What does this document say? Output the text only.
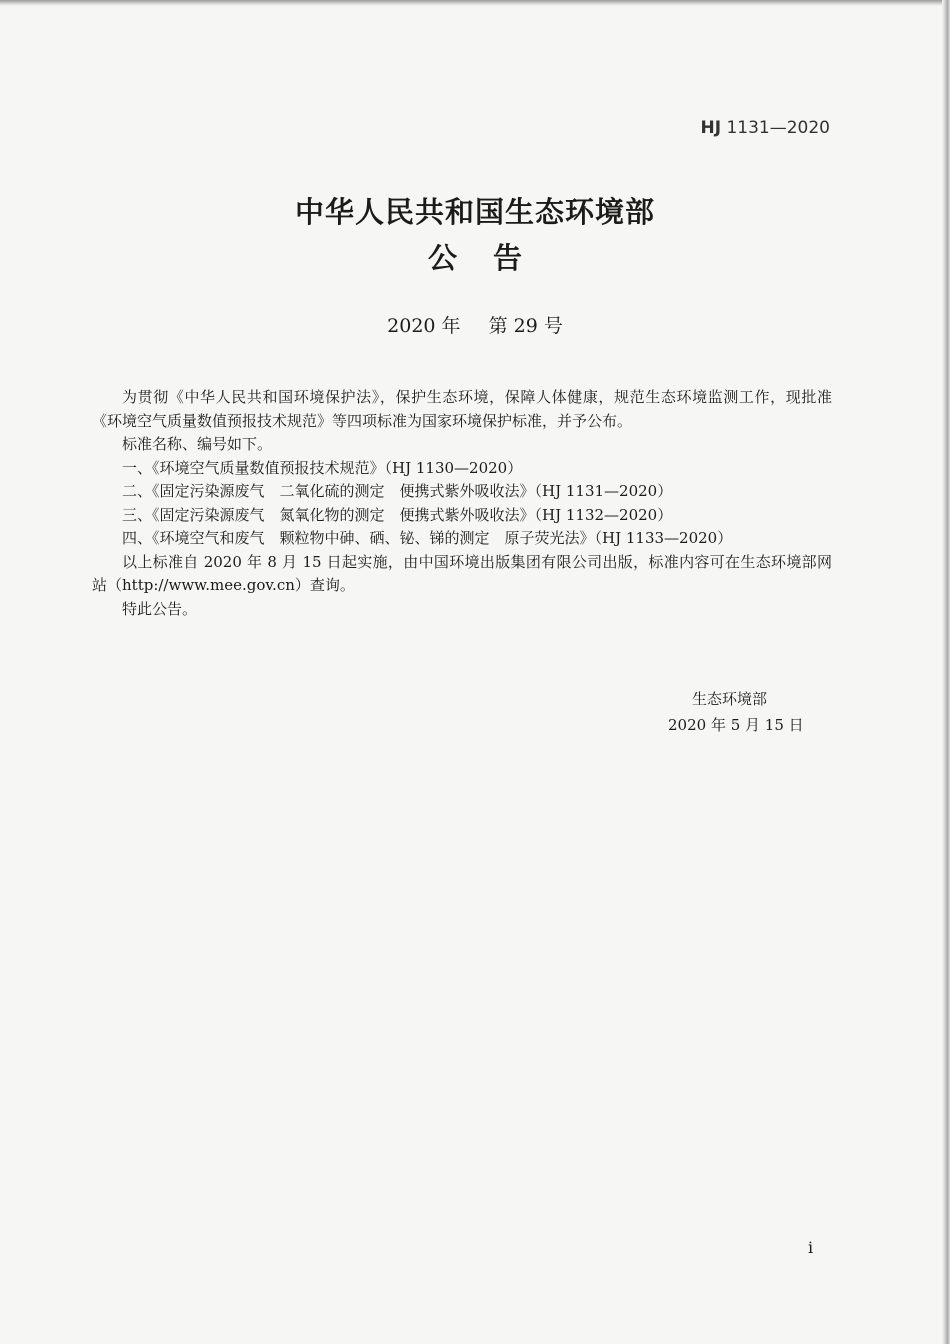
HJ 1131—2020
中华人民共和国生态环境部
公告
2020 年 第 29 号

为贯彻《中华人民共和国环境保护法》，保护生态环境，保障人体健康，规范生态环境监测工作，现批准《环境空气质量数值预报技术规范》等四项标准为国家环境保护标准，并予公布。

标准名称、编号如下。

一、《环境空气质量数值预报技术规范》（HJ 1130—2020）

二、《固定污染源废气　二氧化硫的测定　便携式紫外吸收法》（HJ 1131—2020）

三、《固定污染源废气　氮氧化物的测定　便携式紫外吸收法》（HJ 1132—2020）

四、《环境空气和废气　颗粒物中砷、硒、铋、锑的测定　原子荧光法》（HJ 1133—2020）

以上标准自 2020 年 8 月 15 日起实施，由中国环境出版集团有限公司出版，标准内容可在生态环境部网站（http://www.mee.gov.cn）查询。

特此公告。

生态环境部
2020 年 5 月 15 日
i
